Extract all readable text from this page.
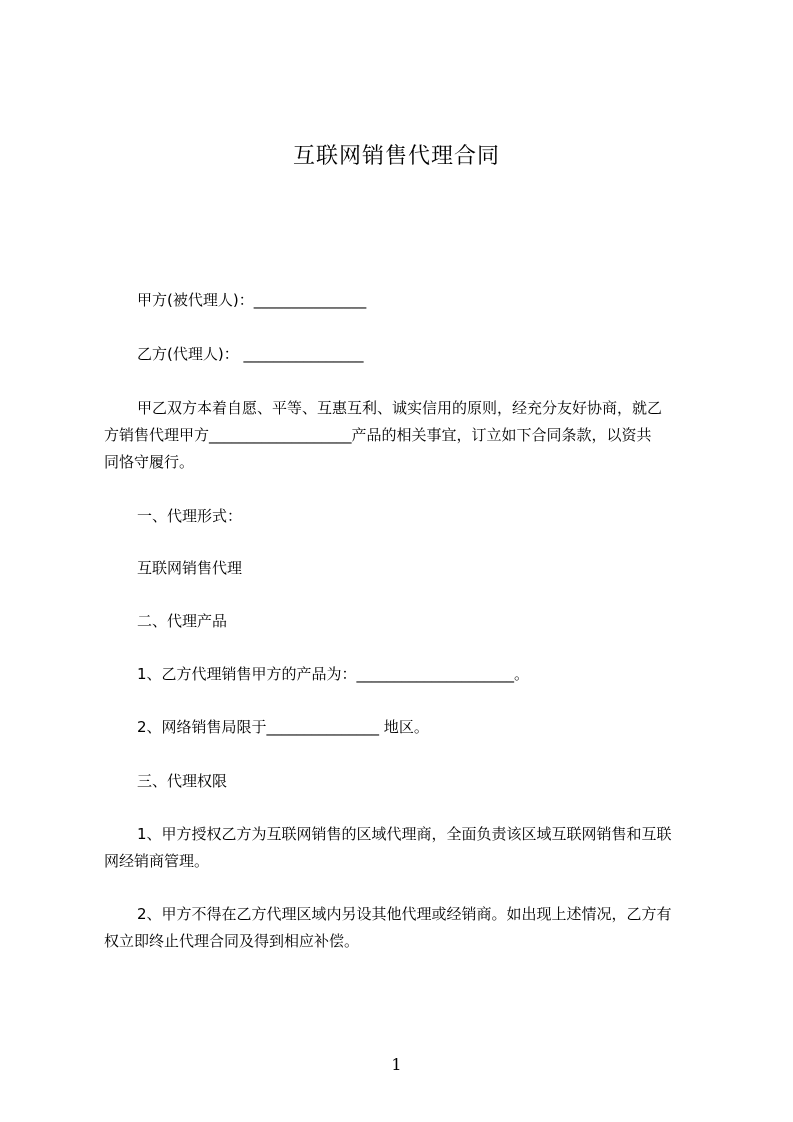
互联网销售代理合同
甲方(被代理人)：_______________
乙方(代理人)： ________________
甲乙双方本着自愿、平等、互惠互利、诚实信用的原则，经充分友好协商，就乙
方销售代理甲方___________________产品的相关事宜，订立如下合同条款，以资共
同恪守履行。
一、代理形式：
互联网销售代理
二、代理产品
1、乙方代理销售甲方的产品为：_____________________。
2、网络销售局限于_______________ 地区。
三、代理权限
1、甲方授权乙方为互联网销售的区域代理商，全面负责该区域互联网销售和互联
网经销商管理。
2、甲方不得在乙方代理区域内另设其他代理或经销商。如出现上述情况，乙方有
权立即终止代理合同及得到相应补偿。
1
